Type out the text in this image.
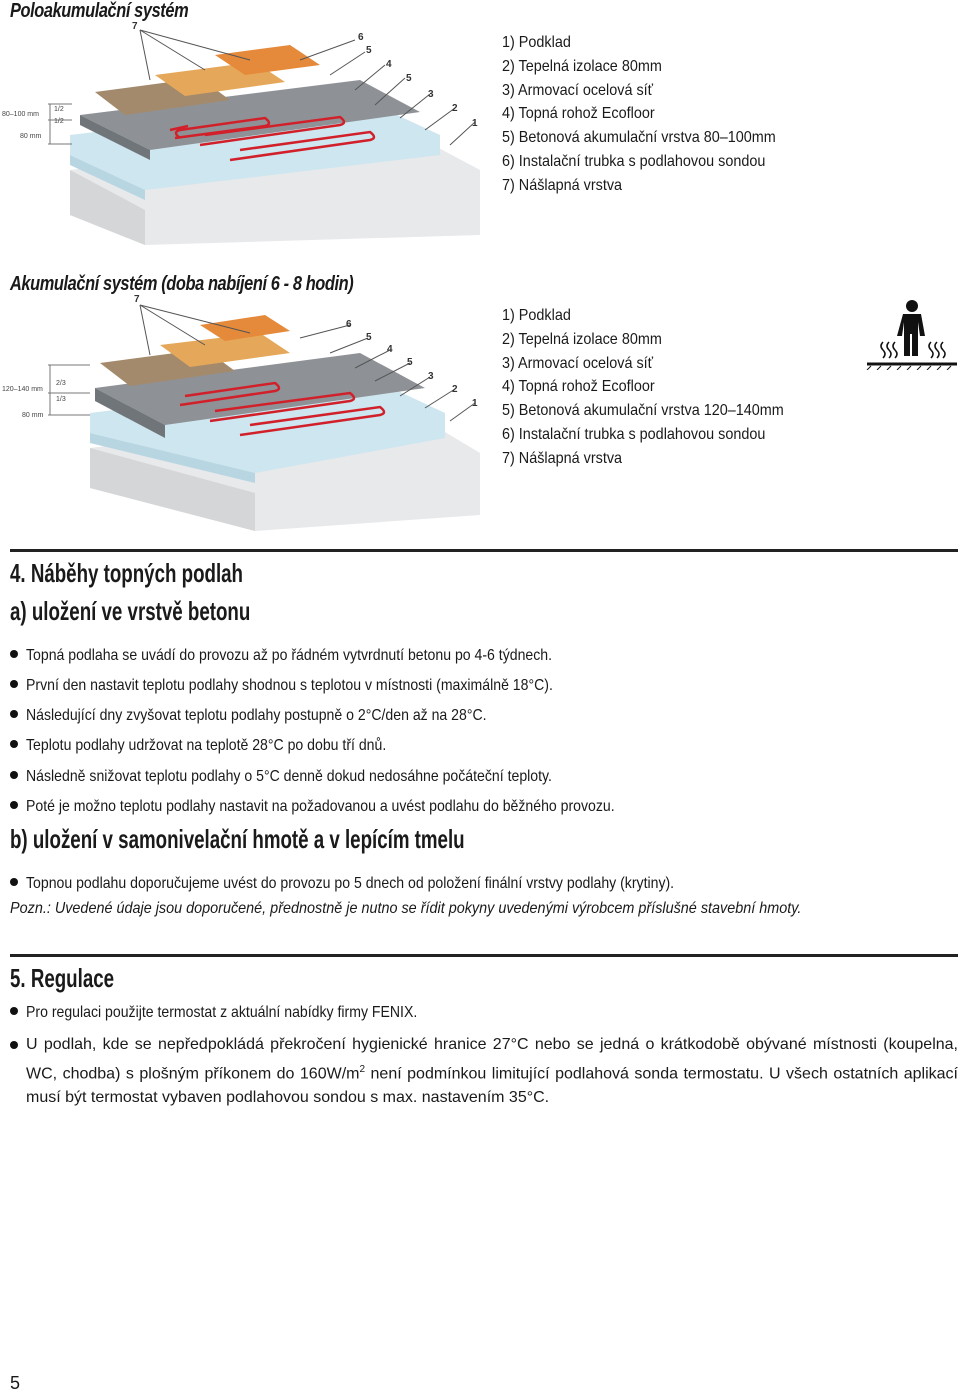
Poloakumulační systém
7
6
5
4
5
3
2
1
80–100 mm
1/2
1/2
80 mm
1) Podklad
2) Tepelná izolace 80mm
3) Armovací ocelová síť
4) Topná rohož Ecofloor
5) Betonová akumulační vrstva 80–100mm
6) Instalační trubka s podlahovou sondou
7) Nášlapná vrstva
Akumulační systém (doba nabíjení 6 - 8 hodin)
7
6
5
4
5
3
2
1
120–140 mm
2/3
1/3
80 mm
1) Podklad
2) Tepelná izolace 80mm
3) Armovací ocelová síť
4) Topná rohož Ecofloor
5) Betonová akumulační vrstva 120–140mm
6) Instalační trubka s podlahovou sondou
7) Nášlapná vrstva
4. Náběhy topných podlah
a) uložení ve vrstvě betonu
Topná podlaha se uvádí do provozu až po řádném vytvrdnutí betonu po 4-6 týdnech.
První den nastavit teplotu podlahy shodnou s teplotou v místnosti (maximálně 18°C).
Následující dny zvyšovat teplotu podlahy postupně o 2°C/den až na 28°C.
Teplotu podlahy udržovat na teplotě 28°C po dobu tří dnů.
Následně snižovat teplotu podlahy o 5°C denně dokud nedosáhne počáteční teploty.
Poté je možno teplotu podlahy nastavit na požadovanou a uvést podlahu do běžného provozu.
b) uložení v samonivelační hmotě a v lepícím tmelu
Topnou podlahu doporučujeme uvést do provozu po 5 dnech od položení finální vrstvy podlahy (krytiny).
Pozn.: Uvedené údaje jsou doporučené, přednostně je nutno se řídit pokyny uvedenými výrobcem příslušné stavební hmoty.
5. Regulace
Pro regulaci použijte termostat z aktuální nabídky firmy FENIX.
U podlah, kde se nepředpokládá překročení hygienické hranice 27°C nebo se jedná o krátkodobě obývané místnosti (koupelna, WC, chodba) s plošným příkonem do $160W/m^2$ není podmínkou limitující podlahová sonda termostatu. U všech ostatních aplikací musí být termostat vybaven podlahovou sondou s max. nastavením 35°C.
5
